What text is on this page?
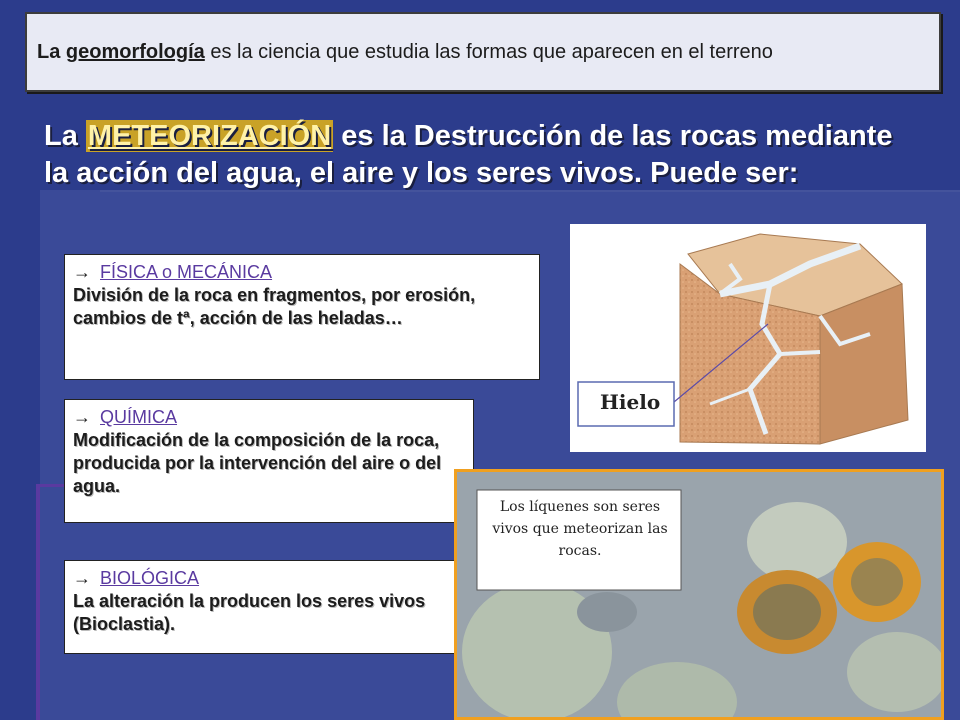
La geomorfología es la ciencia que estudia las formas que aparecen en el terreno
La METEORIZACIÓN es la Destrucción de las rocas mediante la acción del agua, el aire y los seres vivos. Puede ser:
→ FÍSICA o MECÁNICA
División de la roca en fragmentos, por erosión, cambios de tª, acción de las heladas…
→ QUÍMICA
Modificación de la composición de la roca, producida por la intervención del aire o del agua.
→ BIOLÓGICA
La alteración la producen los seres vivos (Bioclastia).
Hielo
Los líquenes son seres vivos que meteorizan las rocas.
